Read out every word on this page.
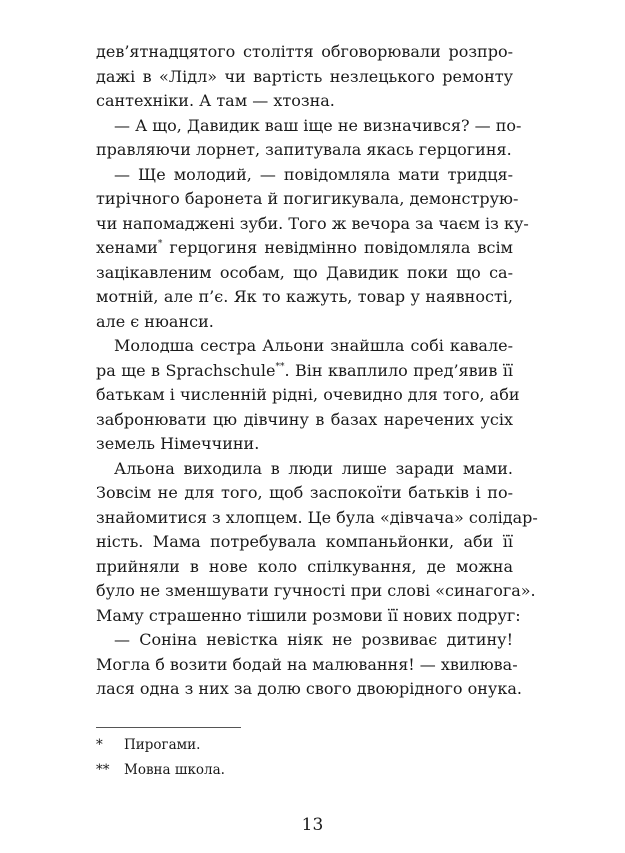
дев’ятнадцятого століття обговорювали розпро-
дажі в «Лідл» чи вартість незлецького ремонту
сантехніки. А там — хтозна.
— А що, Давидик ваш іще не визначився? — по-
правляючи лорнет, запитувала якась герцогиня.
— Ще молодий, — повідомляла мати тридця-
тирічного баронета й погигикувала, демонструю-
чи напомаджені зуби. Того ж вечора за чаєм із ку-
хенами* герцогиня невідмінно повідомляла всім
зацікавленим особам, що Давидик поки що са-
мотній, але п’є. Як то кажуть, товар у наявності,
але є нюанси.
Молодша сестра Альони знайшла собі кавале-
ра ще в Sprachschule**. Він кваплило пред’явив її
батькам і численній рідні, очевидно для того, аби
забронювати цю дівчину в базах наречених усіх
земель Німеччини.
Альона виходила в люди лише заради мами.
Зовсім не для того, щоб заспокоїти батьків і по-
знайомитися з хлопцем. Це була «дівчача» солідар-
ність. Мама потребувала компаньйонки, аби її
прийняли в нове коло спілкування, де можна
було не зменшувати гучності при слові «синагога».
Маму страшенно тішили розмови її нових подруг:
— Соніна невістка ніяк не розвиває дитину!
Могла б возити бодай на малювання! — хвилюва-
лася одна з них за долю свого двоюрідного онука.
* Пирогами.
** Мовна школа.
13
